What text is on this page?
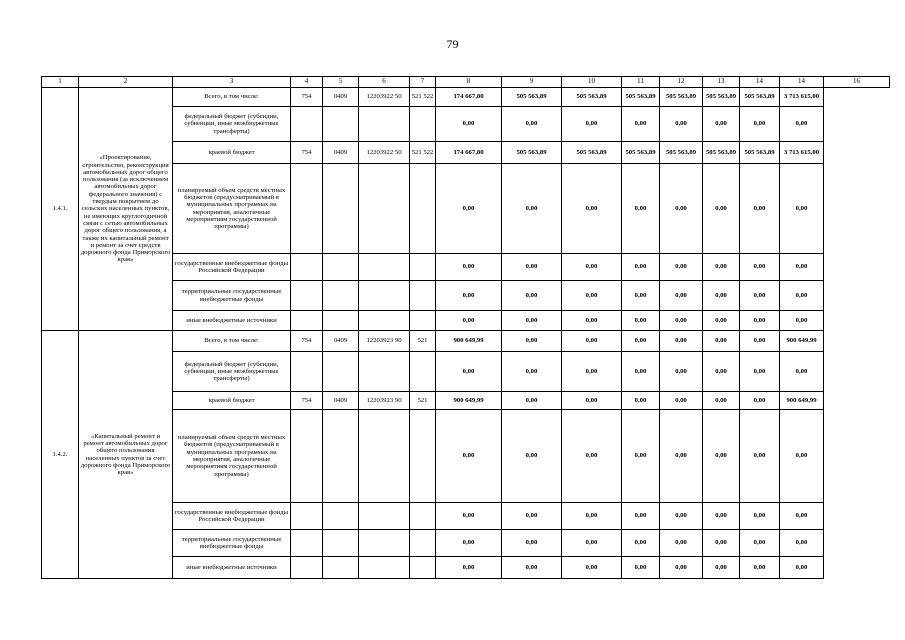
79
1	2	3	4	5	6	7	8	9	10	11	12	13	14	14	16
1.4.1.	«Проектирование, строительство, реконструкция автомобильных дорог общего пользования (за исключением автомобильных дорог федерального значения) с твердым покрытием до сельских населенных пунктов, не имеющих круглогодичной связи с сетью автомобильных дорог общего пользования, а также их капитальный ремонт и ремонт за счет средств дорожного фонда Приморского края»	Всего, в том числе:	754	0409	12203922 50	521 522	174 667,80	505 563,89	505 563,89	505 563,89	505 563,89	505 563,89	505 563,89	3 713 615,00	
		федеральный бюджет (субсидии, субвенции, иные межбюджетные трансферты)					0,00	0,00	0,00	0,00	0,00	0,00	0,00	0,00	
		краевой бюджет	754	0409	12203922 50	521 522	174 667,80	505 563,89	505 563,89	505 563,89	505 563,89	505 563,89	505 563,89	3 713 615,00	
		планируемый объем средств местных бюджетов (предусматриваемый в муниципальных программах на мероприятия, аналогичные мероприятиям государственной программы)					0,00	0,00	0,00	0,00	0,00	0,00	0,00	0,00	
		государственные внебюджетные фонды Российской Федерации					0,00	0,00	0,00	0,00	0,00	0,00	0,00	0,00	
		территориальные государственные внебюджетные фонды					0,00	0,00	0,00	0,00	0,00	0,00	0,00	0,00	
		иные внебюджетные источники					0,00	0,00	0,00	0,00	0,00	0,00	0,00	0,00	
1.4.2.	«Капитальный ремонт и ремонт автомобильных дорог общего пользования населенных пунктов за счет дорожного фонда Приморского края»	Всего, в том числе:	754	0409	12203923 90	521	900 649,99	0,00	0,00	0,00	0,00	0,00	0,00	900 649,99	
		федеральный бюджет (субсидии, субвенции, иные межбюджетные трансферты)					0,00	0,00	0,00	0,00	0,00	0,00	0,00	0,00	
		краевой бюджет	754	0409	12203923 90	521	900 649,99	0,00	0,00	0,00	0,00	0,00	0,00	900 649,99	
		планируемый объем средств местных бюджетов (предусматриваемый в муниципальных программах на мероприятия, аналогичные мероприятиям государственной программы)					0,00	0,00	0,00	0,00	0,00	0,00	0,00	0,00	
		государственные внебюджетные фонды Российской Федерации					0,00	0,00	0,00	0,00	0,00	0,00	0,00	0,00	
		территориальные государственные внебюджетные фонды					0,00	0,00	0,00	0,00	0,00	0,00	0,00	0,00	
		иные внебюджетные источники					0,00	0,00	0,00	0,00	0,00	0,00	0,00	0,00	
